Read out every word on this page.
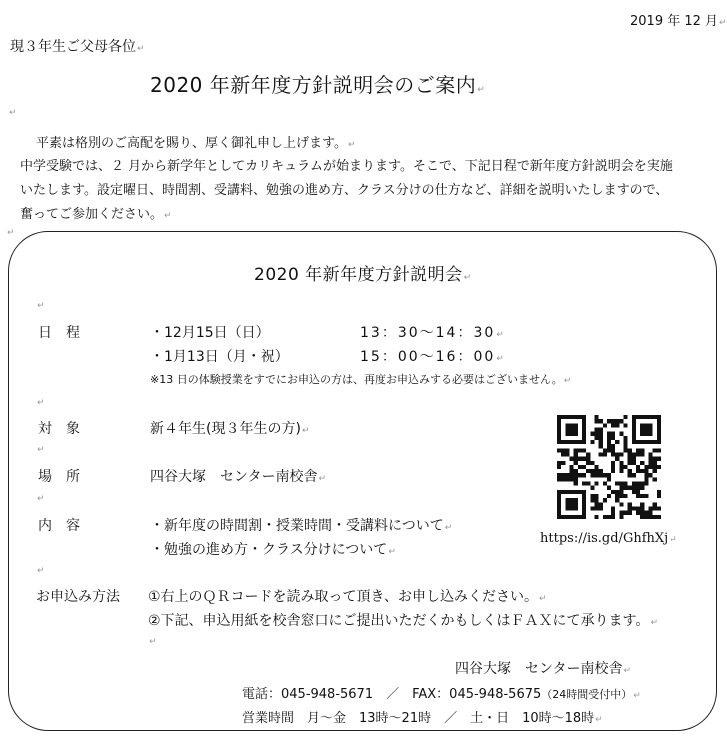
2019 年 12 月 ↵
現３年生ご父母各位 ↵
2020 年新年度方針説明会のご案内 ↵
↵
平素は格別のご高配を賜り、厚く御礼申し上げます。 ↵
中学受験では、２ 月から新学年としてカリキュラムが始まります。そこで、下記日程で新年度方針説明会を実施
いたします。設定曜日、時間割、受講料、勉強の進め方、クラス分けの仕方など、詳細を説明いたしますので、
奮ってご参加ください。 ↵
↵
2020 年新年度方針説明会 ↵
↵
日　程	・12月15日（日）	13：30～14：30 ↵
・1月13日（月・祝）	15：00～16：00 ↵
※13 日の体験授業をすでにお申込の方は、再度お申込みする必要はございません。 ↵
↵
対　象	新４年生(現３年生の方) ↵
↵
場　所	四谷大塚　センター南校舎 ↵
↵
内　容	・新年度の時間割・授業時間・受講料について ↵
・勉強の進め方・クラス分けについて ↵
↵
https://is.gd/GhfhXj ↵
お申込み方法 ①右上のＱＲコードを読み取って頂き、お申し込みください。 ↵
②下記、申込用紙を校舎窓口にご提出いただくかもしくはＦＡＸにて承ります。 ↵
↵
四谷大塚　センター南校舎 ↵
電話：045-948-5671　／　FAX：045-948-5675（24時間受付中） ↵
営業時間　月～金　13時～21時　／　土・日　10時～18時 ↵
